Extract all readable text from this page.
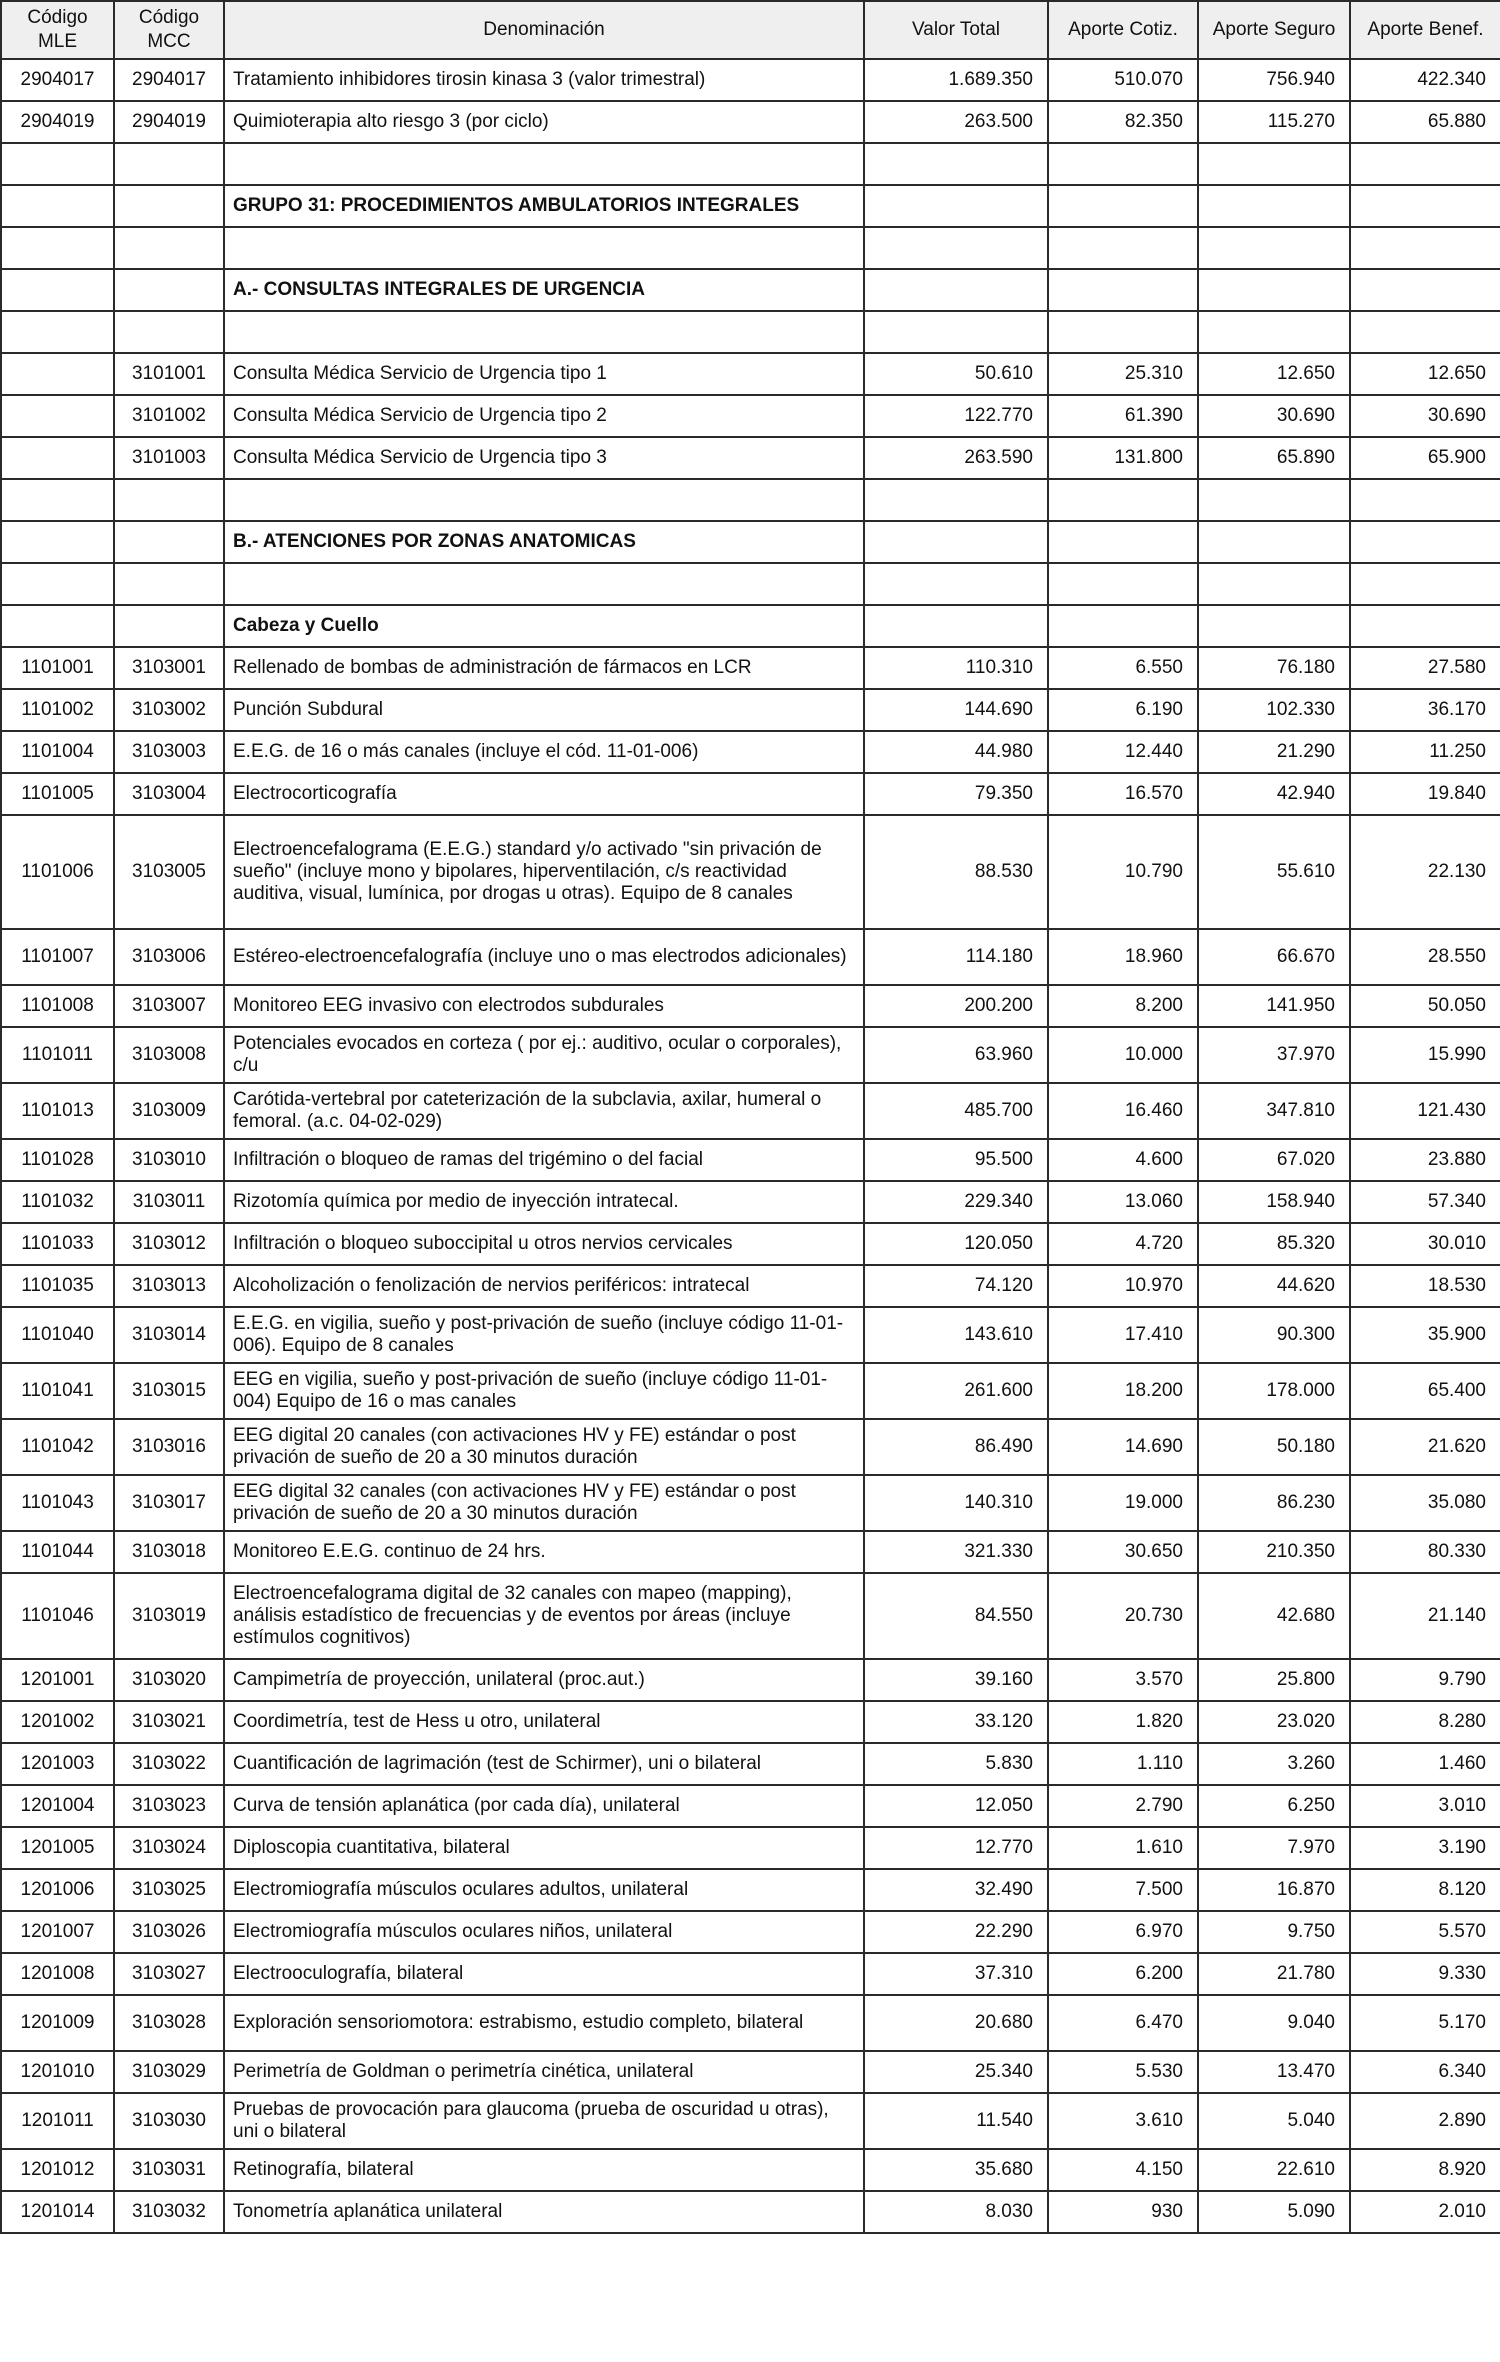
Código MLE	Código MCC	Denominación	Valor Total	Aporte Cotiz.	Aporte Seguro	Aporte Benef.
2904017	2904017	Tratamiento inhibidores tirosin kinasa 3 (valor trimestral)	1.689.350	510.070	756.940	422.340
2904019	2904019	Quimioterapia alto riesgo 3 (por ciclo)	263.500	82.350	115.270	65.880

		GRUPO 31: PROCEDIMIENTOS AMBULATORIOS INTEGRALES				

		A.- CONSULTAS INTEGRALES DE URGENCIA				

	3101001	Consulta Médica Servicio de Urgencia tipo 1	50.610	25.310	12.650	12.650
	3101002	Consulta Médica Servicio de Urgencia tipo 2	122.770	61.390	30.690	30.690
	3101003	Consulta Médica Servicio de Urgencia tipo 3	263.590	131.800	65.890	65.900

		B.- ATENCIONES POR ZONAS ANATOMICAS				

		Cabeza y Cuello				
1101001	3103001	Rellenado de bombas de administración de fármacos en LCR	110.310	6.550	76.180	27.580
1101002	3103002	Punción Subdural	144.690	6.190	102.330	36.170
1101004	3103003	E.E.G. de 16 o más canales (incluye el cód. 11-01-006)	44.980	12.440	21.290	11.250
1101005	3103004	Electrocorticografía	79.350	16.570	42.940	19.840
1101006	3103005	Electroencefalograma (E.E.G.) standard y/o activado "sin privación de sueño" (incluye mono y bipolares, hiperventilación, c/s reactividad auditiva, visual, lumínica, por drogas u otras). Equipo de 8 canales	88.530	10.790	55.610	22.130
1101007	3103006	Estéreo-electroencefalografía (incluye uno o mas electrodos adicionales)	114.180	18.960	66.670	28.550
1101008	3103007	Monitoreo EEG invasivo con electrodos subdurales	200.200	8.200	141.950	50.050
1101011	3103008	Potenciales evocados en corteza ( por ej.: auditivo, ocular o corporales), c/u	63.960	10.000	37.970	15.990
1101013	3103009	Carótida-vertebral por cateterización de la subclavia, axilar, humeral o femoral. (a.c. 04-02-029)	485.700	16.460	347.810	121.430
1101028	3103010	Infiltración o bloqueo de ramas del trigémino o del facial	95.500	4.600	67.020	23.880
1101032	3103011	Rizotomía química por medio de inyección intratecal.	229.340	13.060	158.940	57.340
1101033	3103012	Infiltración o bloqueo suboccipital u otros nervios cervicales	120.050	4.720	85.320	30.010
1101035	3103013	Alcoholización o fenolización de nervios periféricos: intratecal	74.120	10.970	44.620	18.530
1101040	3103014	E.E.G. en vigilia, sueño y post-privación de sueño (incluye código 11-01-006). Equipo de 8 canales	143.610	17.410	90.300	35.900
1101041	3103015	EEG en vigilia, sueño y post-privación de sueño (incluye código 11-01-004) Equipo de 16 o mas canales	261.600	18.200	178.000	65.400
1101042	3103016	EEG digital 20 canales (con activaciones HV y FE) estándar o post privación de sueño de 20 a 30 minutos duración	86.490	14.690	50.180	21.620
1101043	3103017	EEG digital 32 canales (con activaciones HV y FE) estándar o post privación de sueño de 20 a 30 minutos duración	140.310	19.000	86.230	35.080
1101044	3103018	Monitoreo E.E.G. continuo de 24 hrs.	321.330	30.650	210.350	80.330
1101046	3103019	Electroencefalograma digital de 32 canales con mapeo (mapping), análisis estadístico de frecuencias y de eventos por áreas (incluye estímulos cognitivos)	84.550	20.730	42.680	21.140
1201001	3103020	Campimetría de proyección, unilateral (proc.aut.)	39.160	3.570	25.800	9.790
1201002	3103021	Coordimetría, test de Hess u otro, unilateral	33.120	1.820	23.020	8.280
1201003	3103022	Cuantificación de lagrimación (test de Schirmer), uni o bilateral	5.830	1.110	3.260	1.460
1201004	3103023	Curva de tensión aplanática (por cada día), unilateral	12.050	2.790	6.250	3.010
1201005	3103024	Diploscopia cuantitativa, bilateral	12.770	1.610	7.970	3.190
1201006	3103025	Electromiografía músculos oculares adultos, unilateral	32.490	7.500	16.870	8.120
1201007	3103026	Electromiografía músculos oculares niños, unilateral	22.290	6.970	9.750	5.570
1201008	3103027	Electrooculografía, bilateral	37.310	6.200	21.780	9.330
1201009	3103028	Exploración sensoriomotora: estrabismo, estudio completo, bilateral	20.680	6.470	9.040	5.170
1201010	3103029	Perimetría de Goldman o perimetría cinética, unilateral	25.340	5.530	13.470	6.340
1201011	3103030	Pruebas de provocación para glaucoma (prueba de oscuridad u otras), uni o bilateral	11.540	3.610	5.040	2.890
1201012	3103031	Retinografía, bilateral	35.680	4.150	22.610	8.920
1201014	3103032	Tonometría aplanática unilateral	8.030	930	5.090	2.010
